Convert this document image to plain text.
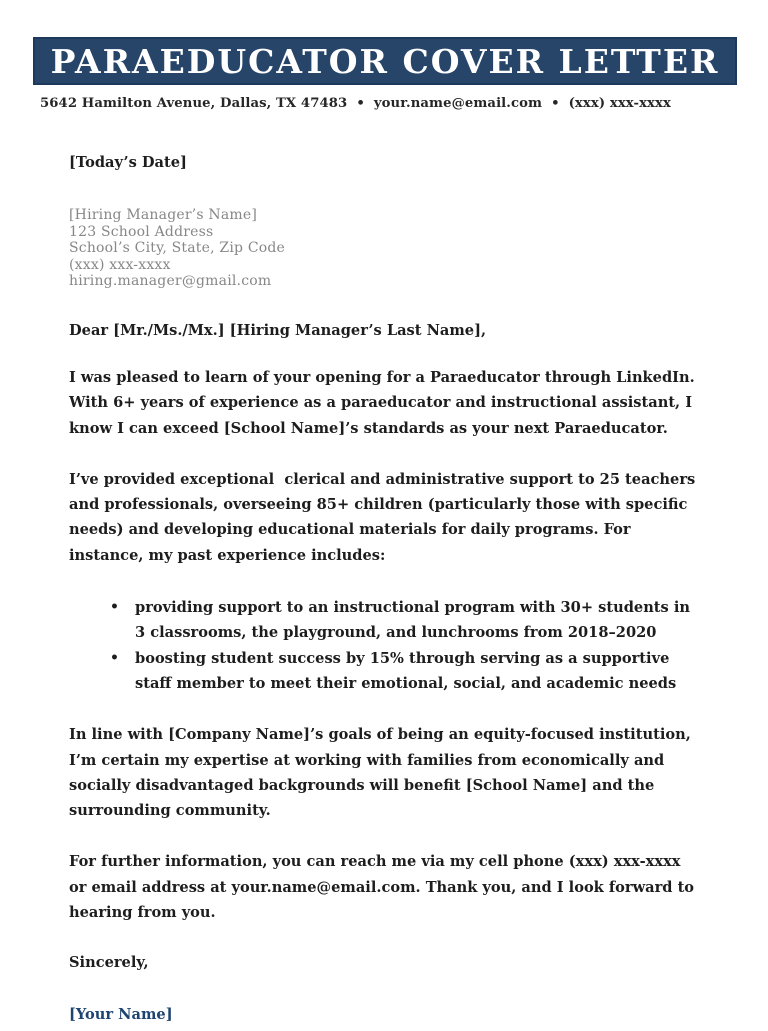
PARAEDUCATOR COVER LETTER
5642 Hamilton Avenue, Dallas, TX 47483 • your.name@email.com • (xxx) xxx-xxxx

[Today’s Date]

[Hiring Manager’s Name]
123 School Address
School’s City, State, Zip Code
(xxx) xxx-xxxx
hiring.manager@gmail.com

Dear [Mr./Ms./Mx.] [Hiring Manager’s Last Name],

I was pleased to learn of your opening for a Paraeducator through LinkedIn. With 6+ years of experience as a paraeducator and instructional assistant, I know I can exceed [School Name]’s standards as your next Paraeducator.

I’ve provided exceptional  clerical and administrative support to 25 teachers and professionals, overseeing 85+ children (particularly those with specific needs) and developing educational materials for daily programs. For instance, my past experience includes:

• providing support to an instructional program with 30+ students in 3 classrooms, the playground, and lunchrooms from 2018–2020
• boosting student success by 15% through serving as a supportive staff member to meet their emotional, social, and academic needs

In line with [Company Name]’s goals of being an equity-focused institution, I’m certain my expertise at working with families from economically and socially disadvantaged backgrounds will benefit [School Name] and the surrounding community.

For further information, you can reach me via my cell phone (xxx) xxx-xxxx or email address at your.name@email.com. Thank you, and I look forward to hearing from you.

Sincerely,

[Your Name]
